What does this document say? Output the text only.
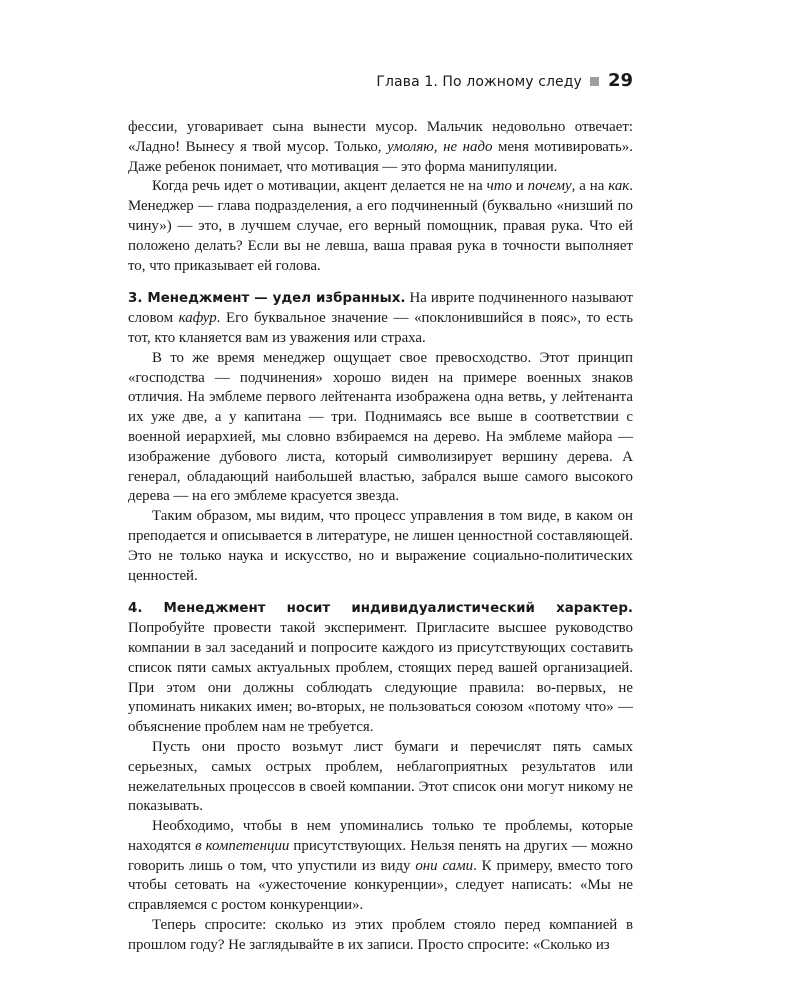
Глава 1. По ложному следу 29

фессии, уговаривает сына вынести мусор. Мальчик недовольно отвечает: «Ладно! Вынесу я твой мусор. Только, умоляю, не надо меня мотивировать». Даже ребенок понимает, что мотивация — это форма манипуляции.

Когда речь идет о мотивации, акцент делается не на что и почему, а на как. Менеджер — глава подразделения, а его подчиненный (буквально «низший по чину») — это, в лучшем случае, его верный помощник, правая рука. Что ей положено делать? Если вы не левша, ваша правая рука в точности выполняет то, что приказывает ей голова.

3. Менеджмент — удел избранных. На иврите подчиненного называют словом кафур. Его буквальное значение — «поклонившийся в пояс», то есть тот, кто кланяется вам из уважения или страха.

В то же время менеджер ощущает свое превосходство. Этот принцип «господства — подчинения» хорошо виден на примере военных знаков отличия. На эмблеме первого лейтенанта изображена одна ветвь, у лейтенанта их уже две, а у капитана — три. Поднимаясь все выше в соответствии с военной иерархией, мы словно взбираемся на дерево. На эмблеме майора — изображение дубового листа, который символизирует вершину дерева. А генерал, обладающий наибольшей властью, забрался выше самого высокого дерева — на его эмблеме красуется звезда.

Таким образом, мы видим, что процесс управления в том виде, в каком он преподается и описывается в литературе, не лишен ценностной составляющей. Это не только наука и искусство, но и выражение социально-политических ценностей.

4. Менеджмент носит индивидуалистический характер. Попробуйте провести такой эксперимент. Пригласите высшее руководство компании в зал заседаний и попросите каждого из присутствующих составить список пяти самых актуальных проблем, стоящих перед вашей организацией. При этом они должны соблюдать следующие правила: во-первых, не упоминать никаких имен; во-вторых, не пользоваться союзом «потому что» — объяснение проблем нам не требуется.

Пусть они просто возьмут лист бумаги и перечислят пять самых серьезных, самых острых проблем, неблагоприятных результатов или нежелательных процессов в своей компании. Этот список они могут никому не показывать.

Необходимо, чтобы в нем упоминались только те проблемы, которые находятся в компетенции присутствующих. Нельзя пенять на других — можно говорить лишь о том, что упустили из виду они сами. К примеру, вместо того чтобы сетовать на «ужесточение конкуренции», следует написать: «Мы не справляемся с ростом конкуренции».

Теперь спросите: сколько из этих проблем стояло перед компанией в прошлом году? Не заглядывайте в их записи. Просто спросите: «Сколько из
